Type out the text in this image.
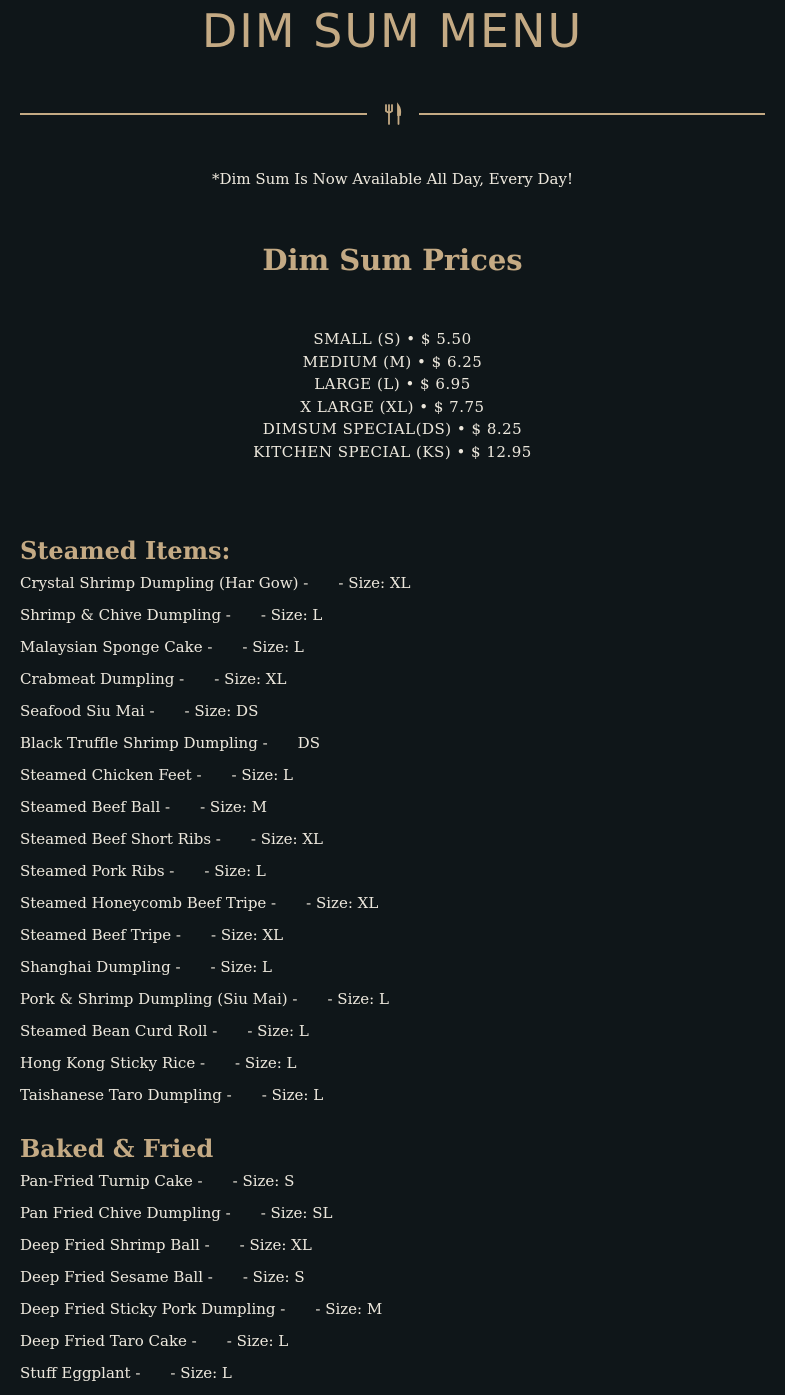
DIM SUM MENU
*Dim Sum Is Now Available All Day, Every Day!
Dim Sum Prices
SMALL (S) • $ 5.50
MEDIUM (M) • $ 6.25
LARGE (L) • $ 6.95
X LARGE (XL) • $ 7.75
DIMSUM SPECIAL(DS) • $ 8.25
KITCHEN SPECIAL (KS) • $ 12.95
Steamed Items:
Crystal Shrimp Dumpling (Har Gow) - - Size: XL
Shrimp & Chive Dumpling - - Size: L
Malaysian Sponge Cake - - Size: L
Crabmeat Dumpling - - Size: XL
Seafood Siu Mai - - Size: DS
Black Truffle Shrimp Dumpling - DS
Steamed Chicken Feet - - Size: L
Steamed Beef Ball - - Size: M
Steamed Beef Short Ribs - - Size: XL
Steamed Pork Ribs - - Size: L
Steamed Honeycomb Beef Tripe - - Size: XL
Steamed Beef Tripe - - Size: XL
Shanghai Dumpling - - Size: L
Pork & Shrimp Dumpling (Siu Mai) - - Size: L
Steamed Bean Curd Roll - - Size: L
Hong Kong Sticky Rice - - Size: L
Taishanese Taro Dumpling - - Size: L
Baked & Fried
Pan-Fried Turnip Cake - - Size: S
Pan Fried Chive Dumpling - - Size: SL
Deep Fried Shrimp Ball - - Size: XL
Deep Fried Sesame Ball - - Size: S
Deep Fried Sticky Pork Dumpling - - Size: M
Deep Fried Taro Cake - - Size: L
Stuff Eggplant - - Size: L
